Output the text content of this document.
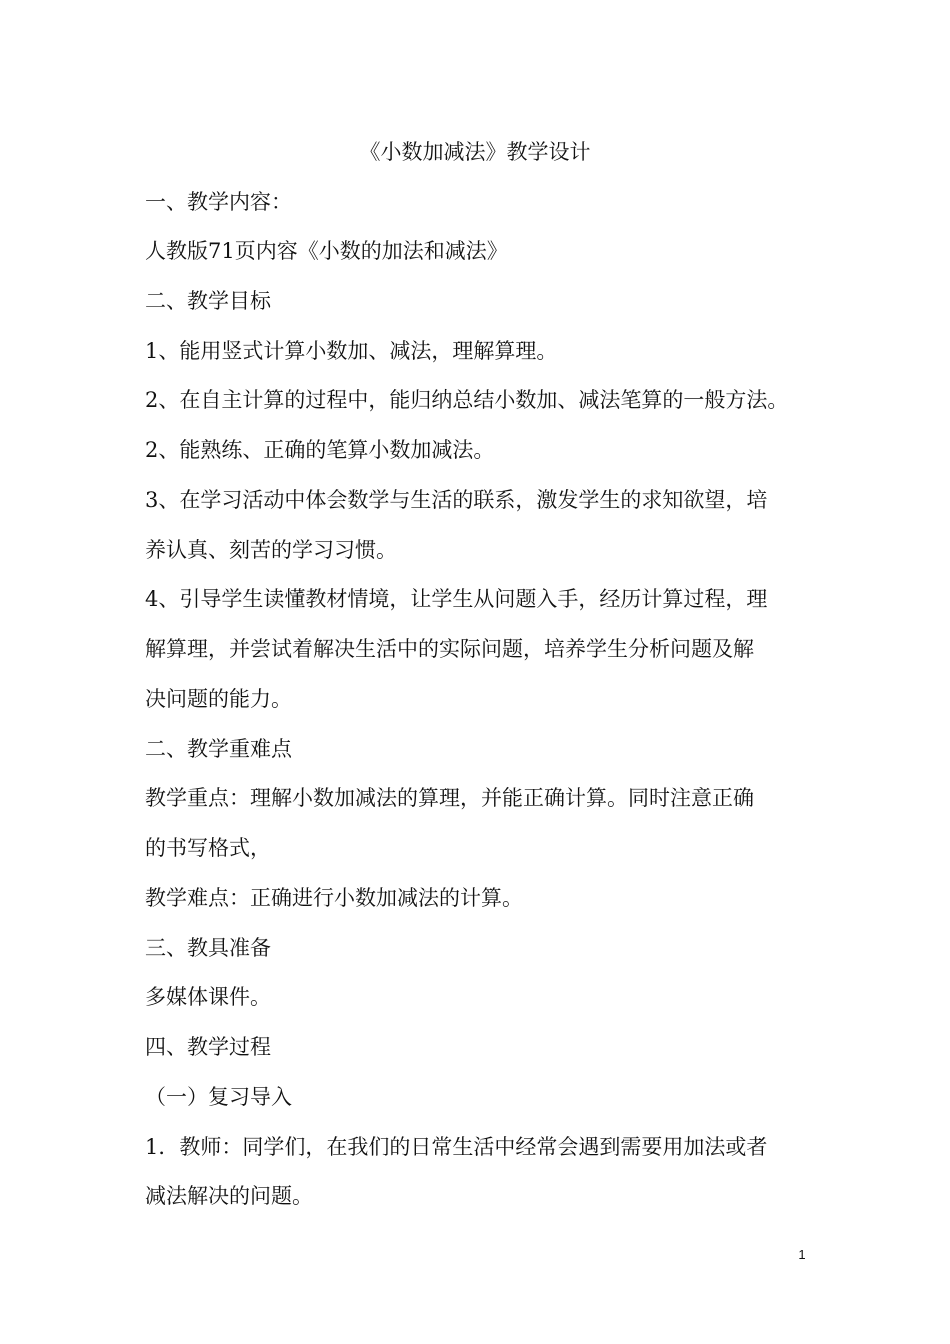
《小数加减法》教学设计
一、教学内容：
人教版71页内容《小数的加法和减法》
二、教学目标
1、能用竖式计算小数加、减法，理解算理。
2、在自主计算的过程中，能归纳总结小数加、减法笔算的一般方法。
2、能熟练、正确的笔算小数加减法。
3、在学习活动中体会数学与生活的联系，激发学生的求知欲望，培
养认真、刻苦的学习习惯。
4、引导学生读懂教材情境，让学生从问题入手，经历计算过程，理
解算理，并尝试着解决生活中的实际问题，培养学生分析问题及解
决问题的能力。
二、教学重难点
教学重点：理解小数加减法的算理，并能正确计算。同时注意正确
的书写格式，
教学难点：正确进行小数加减法的计算。
三、教具准备
多媒体课件。
四、教学过程
（一）复习导入
1．教师：同学们，在我们的日常生活中经常会遇到需要用加法或者
减法解决的问题。
1
